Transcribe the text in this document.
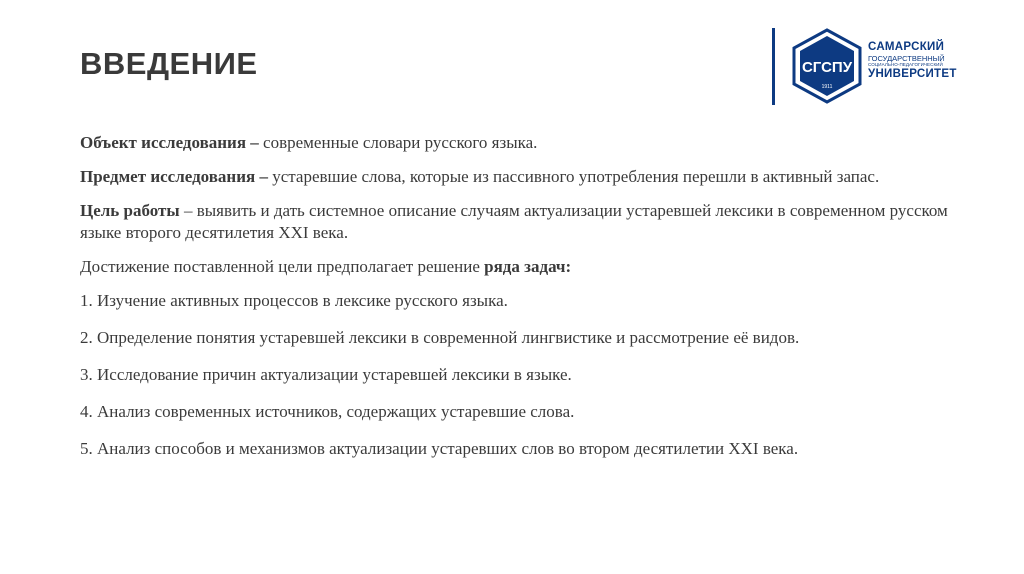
ВВЕДЕНИЕ	СГСПУ
1911
САМАРСКИЙ
ГОСУДАРСТВЕННЫЙ
СОЦИАЛЬНО-ПЕДАГОГИЧЕСКИЙ
УНИВЕРСИТЕТ

Объект исследования – современные словари русского языка.

Предмет исследования – устаревшие слова, которые из пассивного употребления перешли в активный запас.

Цель работы – выявить и дать системное описание случаям актуализации устаревшей лексики в современном русском языке второго десятилетия XXI века.

Достижение поставленной цели предполагает решение ряда задач:

1. Изучение активных процессов в лексике русского языка.

2. Определение понятия устаревшей лексики в современной лингвистике и рассмотрение её видов.

3. Исследование причин актуализации устаревшей лексики в языке.

4. Анализ современных источников, содержащих устаревшие слова.

5. Анализ способов и механизмов актуализации устаревших слов во втором десятилетии XXI века.
